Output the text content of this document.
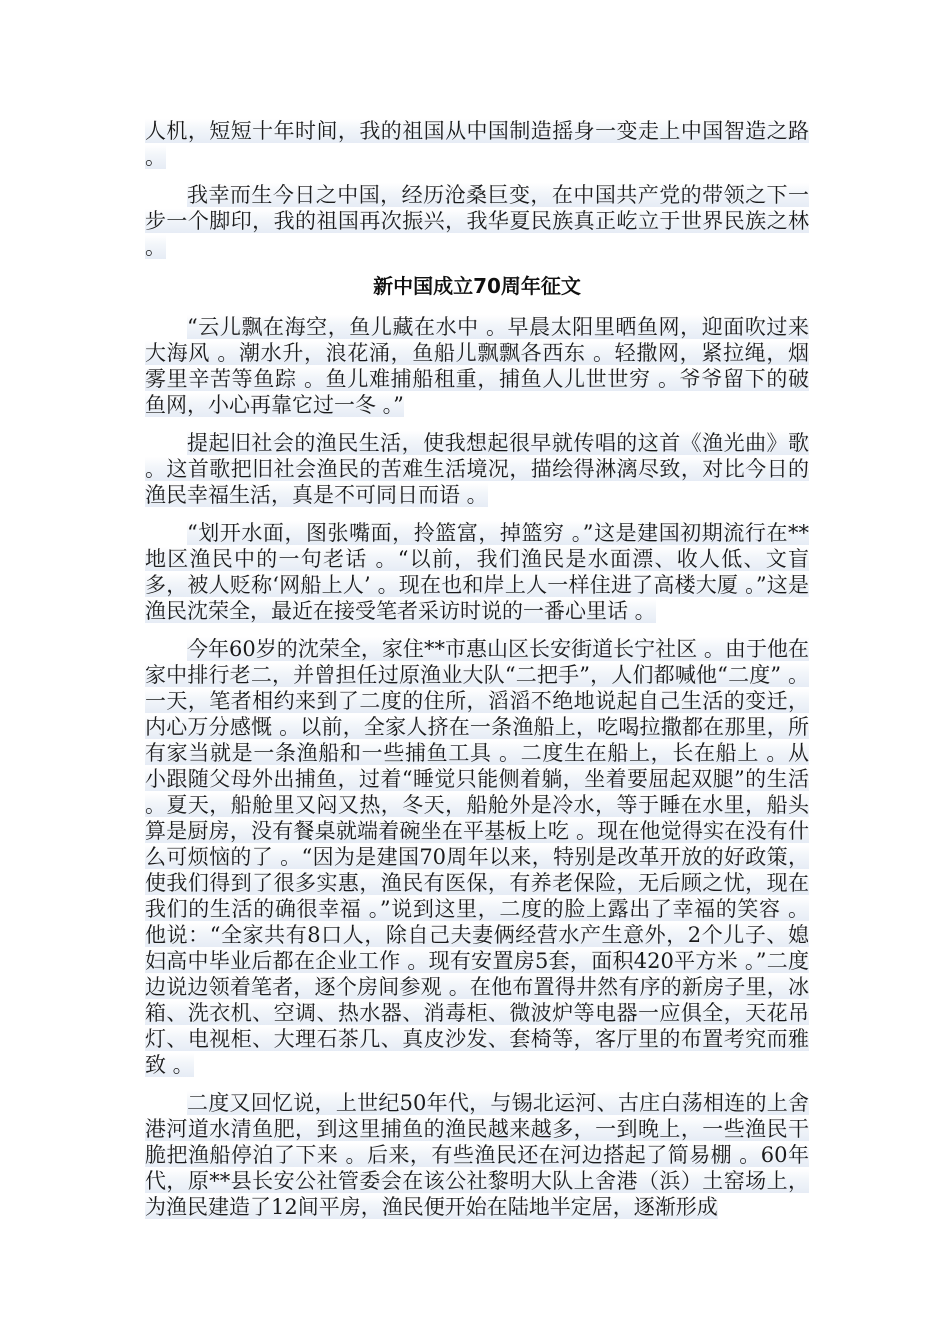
人机，短短十年时间，我的祖国从中国制造摇身一变走上中国智造之路 。

我幸而生今日之中国，经历沧桑巨变，在中国共产党的带领之下一步一个脚印，我的祖国再次振兴，我华夏民族真正屹立于世界民族之林 。

新中国成立70周年征文

“云儿飘在海空，鱼儿藏在水中 。早晨太阳里晒鱼网，迎面吹过来大海风 。潮水升，浪花涌，鱼船儿飘飘各西东 。轻撒网，紧拉绳，烟雾里辛苦等鱼踪 。鱼儿难捕船租重，捕鱼人儿世世穷 。爷爷留下的破鱼网，小心再靠它过一冬 。”

提起旧社会的渔民生活，使我想起很早就传唱的这首《渔光曲》歌 。这首歌把旧社会渔民的苦难生活境况，描绘得淋漓尽致，对比今日的渔民幸福生活，真是不可同日而语 。

“划开水面，图张嘴面，拎篮富，掉篮穷 。”这是建国初期流行在**地区渔民中的一句老话 。“以前，我们渔民是水面漂、收人低、文盲多，被人贬称‘网船上人’ 。现在也和岸上人一样住进了高楼大厦 。”这是渔民沈荣全，最近在接受笔者采访时说的一番心里话 。

今年60岁的沈荣全，家住**市惠山区长安街道长宁社区 。由于他在家中排行老二，并曾担任过原渔业大队“二把手”，人们都喊他“二度” 。一天，笔者相约来到了二度的住所，滔滔不绝地说起自己生活的变迁，内心万分感慨 。以前，全家人挤在一条渔船上，吃喝拉撒都在那里，所有家当就是一条渔船和一些捕鱼工具 。二度生在船上，长在船上 。从小跟随父母外出捕鱼，过着“睡觉只能侧着躺，坐着要屈起双腿”的生活 。夏天，船舱里又闷又热，冬天，船舱外是冷水，等于睡在水里，船头算是厨房，没有餐桌就端着碗坐在平基板上吃 。现在他觉得实在没有什么可烦恼的了 。“因为是建国70周年以来，特别是改革开放的好政策，使我们得到了很多实惠，渔民有医保，有养老保险，无后顾之忧，现在我们的生活的确很幸福 。”说到这里，二度的脸上露出了幸福的笑容 。他说：“全家共有8口人，除自己夫妻俩经营水产生意外，2个儿子、媳妇高中毕业后都在企业工作 。现有安置房5套，面积420平方米 。”二度边说边领着笔者，逐个房间参观 。在他布置得井然有序的新房子里，冰箱、洗衣机、空调、热水器、消毒柜、微波炉等电器一应俱全，天花吊灯、电视柜、大理石茶几、真皮沙发、套椅等，客厅里的布置考究而雅致 。

二度又回忆说，上世纪50年代，与锡北运河、古庄白荡相连的上舍港河道水清鱼肥，到这里捕鱼的渔民越来越多，一到晚上，一些渔民干脆把渔船停泊了下来 。后来，有些渔民还在河边搭起了简易棚 。60年代，原**县长安公社管委会在该公社黎明大队上舍港（浜）土窑场上，为渔民建造了12间平房，渔民便开始在陆地半定居，逐渐形成
